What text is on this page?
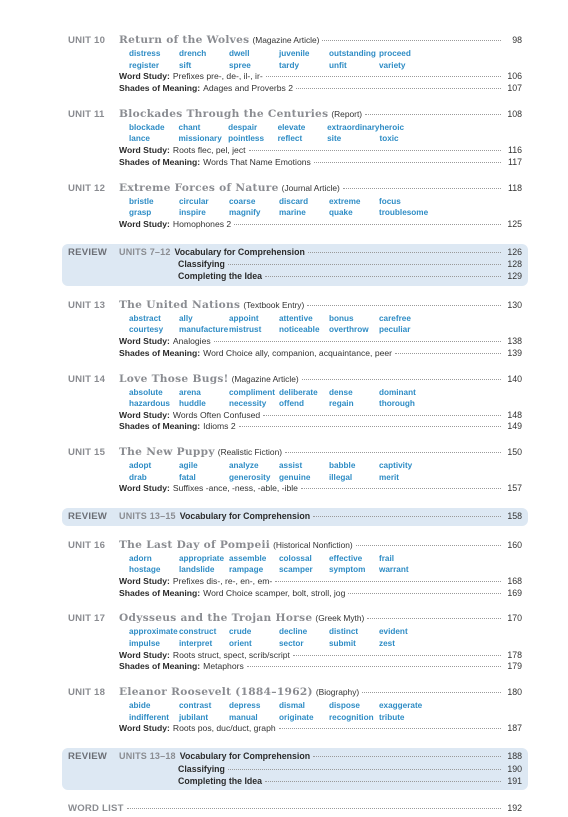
UNIT 10	Return of the Wolves (Magazine Article)	98
distress	drench	dwell	juvenile	outstanding proceed
register	sift	spree	tardy	unfit	variety
Word Study: Prefixes pre-, de-, il-, ir-	106
Shades of Meaning: Adages and Proverbs 2	107
UNIT 11	Blockades Through the Centuries (Report)	108
blockade	chant	despair	elevate	extraordinary heroic
lance	missionary pointless	reflect	site	toxic
Word Study: Roots flec, pel, ject	116
Shades of Meaning: Words That Name Emotions	117
UNIT 12	Extreme Forces of Nature (Journal Article)	118
bristle	circular	coarse	discard	extreme	focus
grasp	inspire	magnify	marine	quake	troublesome
Word Study: Homophones 2	125
REVIEW	UNITS 7–12 Vocabulary for Comprehension	126
Classifying	128
Completing the Idea	129
UNIT 13	The United Nations (Textbook Entry)	130
abstract	ally	appoint	attentive	bonus	carefree
courtesy	manufacture mistrust	noticeable	overthrow	peculiar
Word Study: Analogies	138
Shades of Meaning: Word Choice ally, companion, acquaintance, peer	139
UNIT 14	Love Those Bugs! (Magazine Article)	140
absolute	arena	compliment deliberate	dense	dominant
hazardous	huddle	necessity	offend	regain	thorough
Word Study: Words Often Confused	148
Shades of Meaning: Idioms 2	149
UNIT 15	The New Puppy (Realistic Fiction)	150
adopt	agile	analyze	assist	babble	captivity
drab	fatal	generosity	genuine	illegal	merit
Word Study: Suffixes -ance, -ness, -able, -ible	157
REVIEW	UNITS 13–15 Vocabulary for Comprehension	158
UNIT 16	The Last Day of Pompeii (Historical Nonfiction)	160
adorn	appropriate assemble	colossal	effective	frail
hostage	landslide	rampage	scamper	symptom	warrant
Word Study: Prefixes dis-, re-, en-, em-	168
Shades of Meaning: Word Choice scamper, bolt, stroll, jog	169
UNIT 17	Odysseus and the Trojan Horse (Greek Myth)	170
approximate construct	crude	decline	distinct	evident
impulse	interpret	orient	sector	submit	zest
Word Study: Roots struct, spect, scrib/script	178
Shades of Meaning: Metaphors	179
UNIT 18	Eleanor Roosevelt (1884–1962) (Biography)	180
abide	contrast	depress	dismal	dispose	exaggerate
indifferent	jubilant	manual	originate	recognition tribute
Word Study: Roots pos, duc/duct, graph	187
REVIEW	UNITS 13–18 Vocabulary for Comprehension	188
Classifying	190
Completing the Idea	191
WORD LIST	192
